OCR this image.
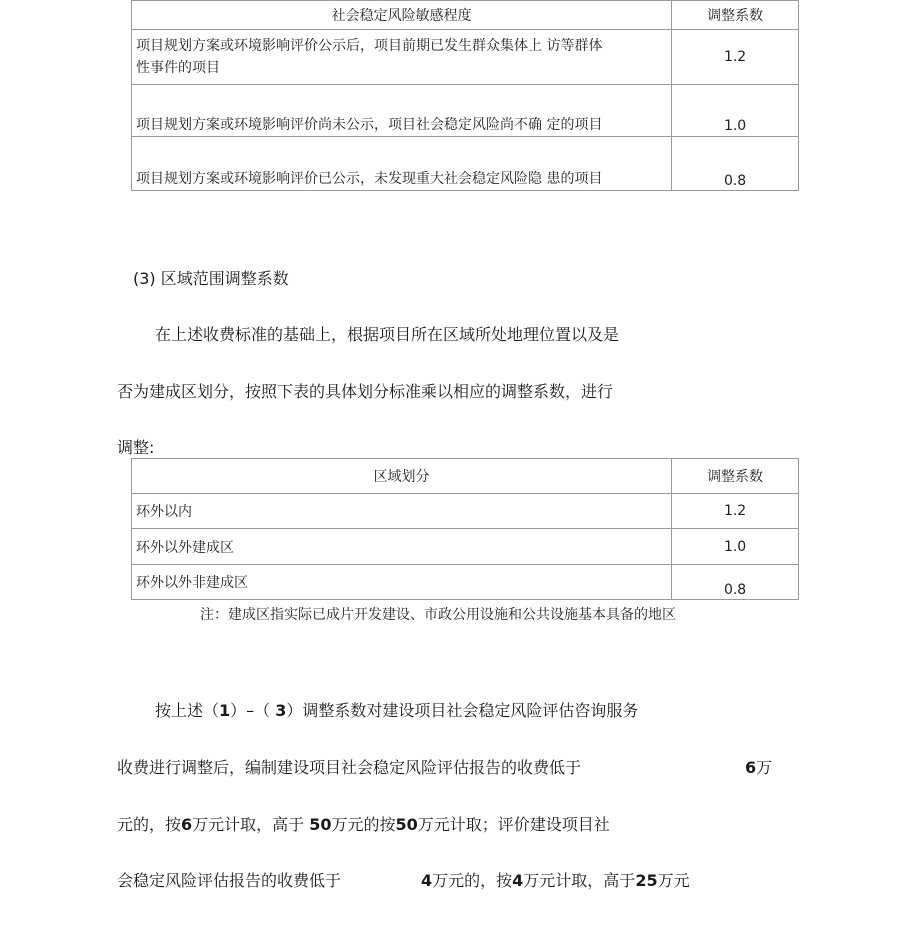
社会稳定风险敏感程度	调整系数
项目规划方案或环境影响评价公示后，项目前期已发生群众集体上 访等群体
性事件的项目	1.2
项目规划方案或环境影响评价尚未公示，项目社会稳定风险尚不确 定的项目	1.0
项目规划方案或环境影响评价已公示，未发现重大社会稳定风险隐 患的项目	0.8
(3) 区域范围调整系数
在上述收费标准的基础上，根据项目所在区域所处地理位置以及是
否为建成区划分，按照下表的具体划分标准乘以相应的调整系数，进行
调整:
区域划分	调整系数
环外以内	1.2
环外以外建成区	1.0
环外以外非建成区	0.8
注：建成区指实际已成片开发建设、市政公用设施和公共设施基本具备的地区
按上述（1）–（ 3）调整系数对建设项目社会稳定风险评估咨询服务
收费进行调整后，编制建设项目社会稳定风险评估报告的收费低于	6万
元的，按6万元计取，高于 50万元的按50万元计取；评价建设项目社
会稳定风险评估报告的收费低于	4万元的，按4万元计取，高于25万元
